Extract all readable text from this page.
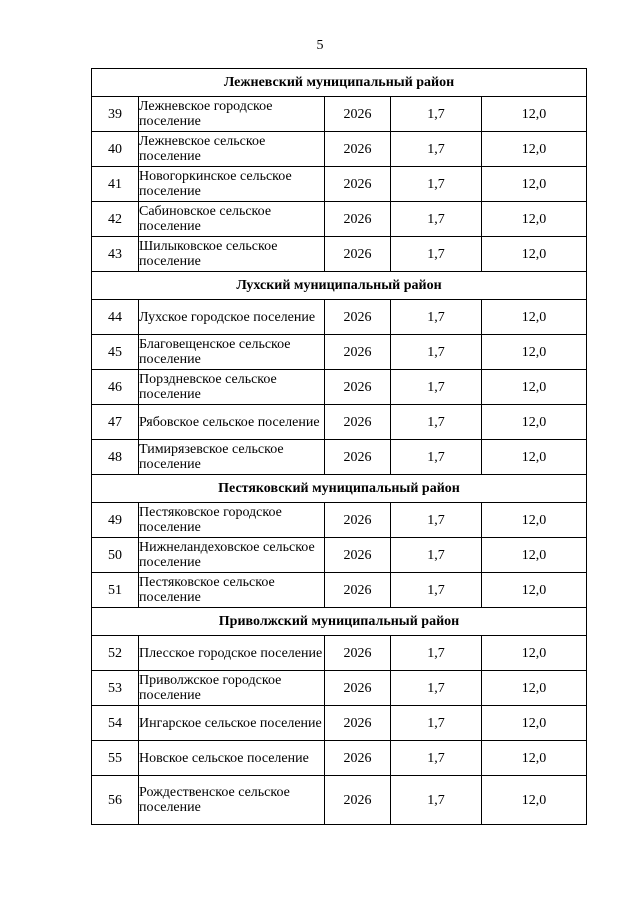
5
Лежневский муниципальный район				
39	Лежневское городское поселение	2026	1,7	12,0
40	Лежневское сельское поселение	2026	1,7	12,0
41	Новогоркинское сельское поселение	2026	1,7	12,0
42	Сабиновское сельское поселение	2026	1,7	12,0
43	Шилыковское сельское поселение	2026	1,7	12,0
Лухский муниципальный район				
44	Лухское городское поселение	2026	1,7	12,0
45	Благовещенское сельское поселение	2026	1,7	12,0
46	Порздневское сельское поселение	2026	1,7	12,0
47	Рябовское сельское поселение	2026	1,7	12,0
48	Тимирязевское сельское поселение	2026	1,7	12,0
Пестяковский муниципальный район				
49	Пестяковское городское поселение	2026	1,7	12,0
50	Нижнеландеховское сельское поселение	2026	1,7	12,0
51	Пестяковское сельское поселение	2026	1,7	12,0
Приволжский муниципальный район				
52	Плесское городское поселение	2026	1,7	12,0
53	Приволжское городское поселение	2026	1,7	12,0
54	Ингарское сельское поселение	2026	1,7	12,0
55	Новское сельское поселение	2026	1,7	12,0
56	Рождественское сельское поселение	2026	1,7	12,0
